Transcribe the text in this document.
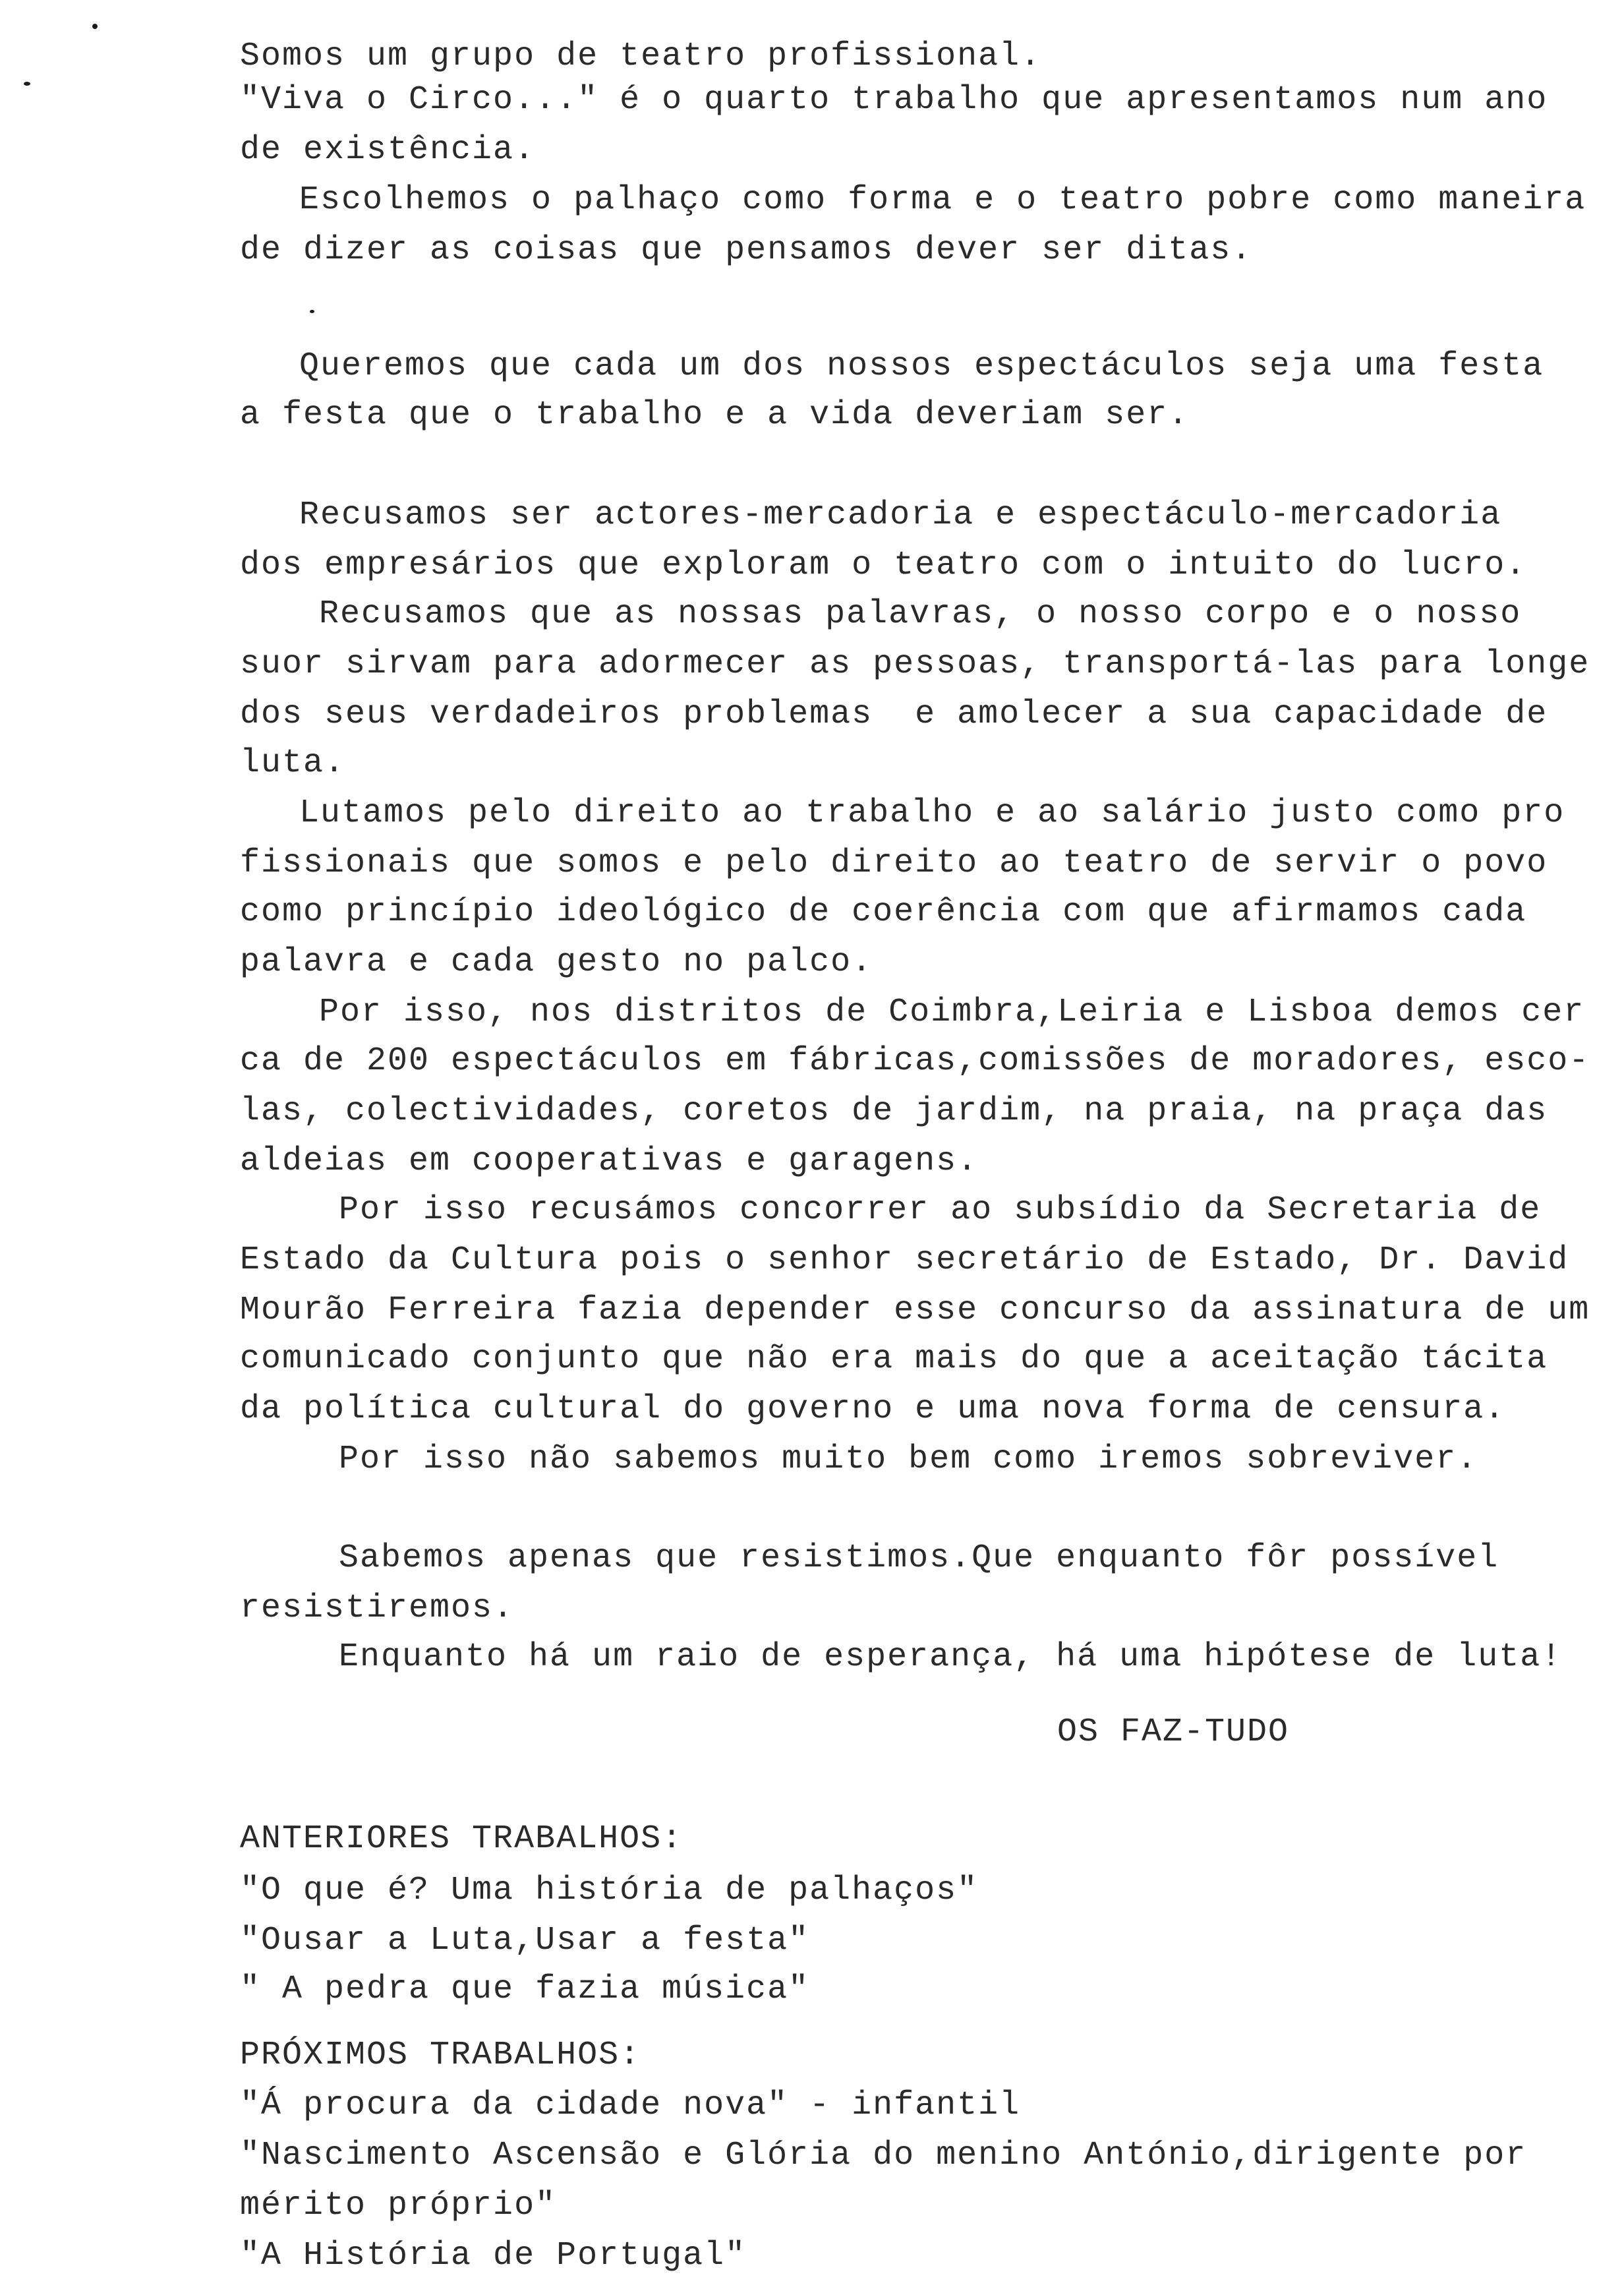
Somos um grupo de teatro profissional.
"Viva o Circo..." é o quarto trabalho que apresentamos num ano
de existência.
Escolhemos o palhaço como forma e o teatro pobre como maneira
de dizer as coisas que pensamos dever ser ditas.
Queremos que cada um dos nossos espectáculos seja uma festa
a festa que o trabalho e a vida deveriam ser.
Recusamos ser actores-mercadoria e espectáculo-mercadoria
dos empresários que exploram o teatro com o intuito do lucro.
Recusamos que as nossas palavras, o nosso corpo e o nosso
suor sirvam para adormecer as pessoas, transportá-las para longe
dos seus verdadeiros problemas  e amolecer a sua capacidade de
luta.
Lutamos pelo direito ao trabalho e ao salário justo como pro
fissionais que somos e pelo direito ao teatro de servir o povo
como princípio ideológico de coerência com que afirmamos cada
palavra e cada gesto no palco.
Por isso, nos distritos de Coimbra,Leiria e Lisboa demos cer
ca de 200 espectáculos em fábricas,comissões de moradores, esco-
las, colectividades, coretos de jardim, na praia, na praça das
aldeias em cooperativas e garagens.
Por isso recusámos concorrer ao subsídio da Secretaria de
Estado da Cultura pois o senhor secretário de Estado, Dr. David
Mourão Ferreira fazia depender esse concurso da assinatura de um
comunicado conjunto que não era mais do que a aceitação tácita
da política cultural do governo e uma nova forma de censura.
Por isso não sabemos muito bem como iremos sobreviver.
Sabemos apenas que resistimos.Que enquanto fôr possível
resistiremos.
Enquanto há um raio de esperança, há uma hipótese de luta!
OS FAZ-TUDO
ANTERIORES TRABALHOS:
"O que é? Uma história de palhaços"
"Ousar a Luta,Usar a festa"
" A pedra que fazia música"
PRÓXIMOS TRABALHOS:
"Á procura da cidade nova" - infantil
"Nascimento Ascensão e Glória do menino António,dirigente por
mérito próprio"
"A História de Portugal"
